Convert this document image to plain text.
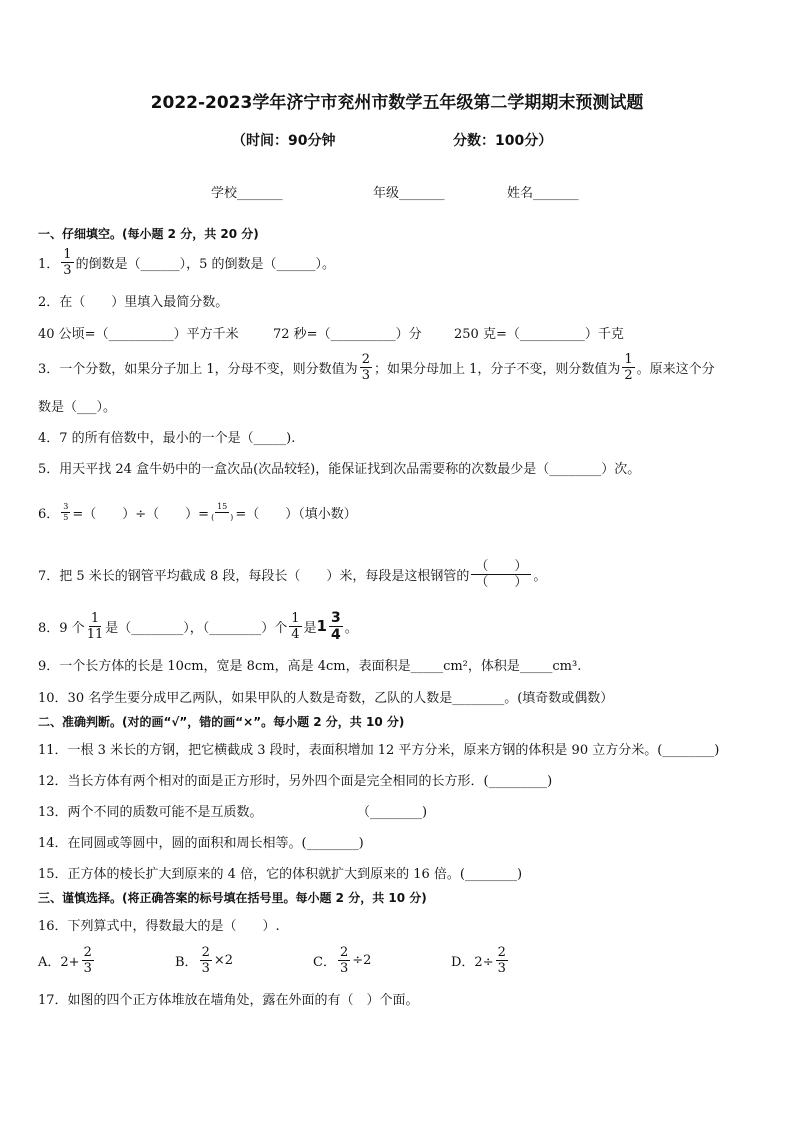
2022-2023学年济宁市兖州市数学五年级第二学期期末预测试题
（时间：90分钟	分数：100分）
学校_______	年级_______	姓名_______
一、仔细填空。(每小题 2 分，共 20 分)
1． $\frac{1}{3}$ 的倒数是（______），5 的倒数是（______）。
2．在（　　）里填入最简分数。
40 公顷=（__________）平方千米	72 秒=（__________）分 250 克=（__________）千克
3．一个分数，如果分子加上 1，分母不变，则分数值为 $\frac{2}{3}$ ；如果分母加上 1，分子不变，则分数值为 $\frac{1}{2}$ 。原来这个分
数是（___）。
4．7 的所有倍数中，最小的一个是（_____).
5．用天平找 24 盒牛奶中的一盒次品(次品较轻)，能保证找到次品需要称的次数最少是（________）次。
6． $\frac{3}{5}$ =（　　）÷（　　）= $\frac{15}{( )}$ =（　　）（填小数）
7．把 5 米长的钢管平均截成 8 段，每段长（　　）米，每段是这根钢管的 $\frac{( )}{( )}$ 。
8．9 个 $\frac{1}{11}$ 是（________），（________）个 $\frac{1}{4}$ 是 $1 \frac{3}{4}$ 。
9．一个长方体的长是 10cm，宽是 8cm，高是 4cm，表面积是_____cm²，体积是_____cm³.
10．30 名学生要分成甲乙两队，如果甲队的人数是奇数，乙队的人数是________。(填奇数或偶数）
二、准确判断。(对的画“√”，错的画“×”。每小题 2 分，共 10 分)
11．一根 3 米长的方钢，把它横截成 3 段时，表面积增加 12 平方分米，原来方钢的体积是 90 立方分米。(________)
12．当长方体有两个相对的面是正方形时，另外四个面是完全相同的长方形．(_________)
13．两个不同的质数可能不是互质数。	（________)
14．在同圆或等圆中，圆的面积和周长相等。(________)
15．正方体的棱长扩大到原来的 4 倍，它的体积就扩大到原来的 16 倍。(________)
三、谨慎选择。(将正确答案的标号填在括号里。每小题 2 分，共 10 分)
16．下列算式中，得数最大的是（　　）.
A．$2+ \frac{2}{3}$	B． $\frac{2}{3} \times 2$	C． $\frac{2}{3} \div 2$	D．$2\div \frac{2}{3}$
17．如图的四个正方体堆放在墙角处，露在外面的有（　）个面。
